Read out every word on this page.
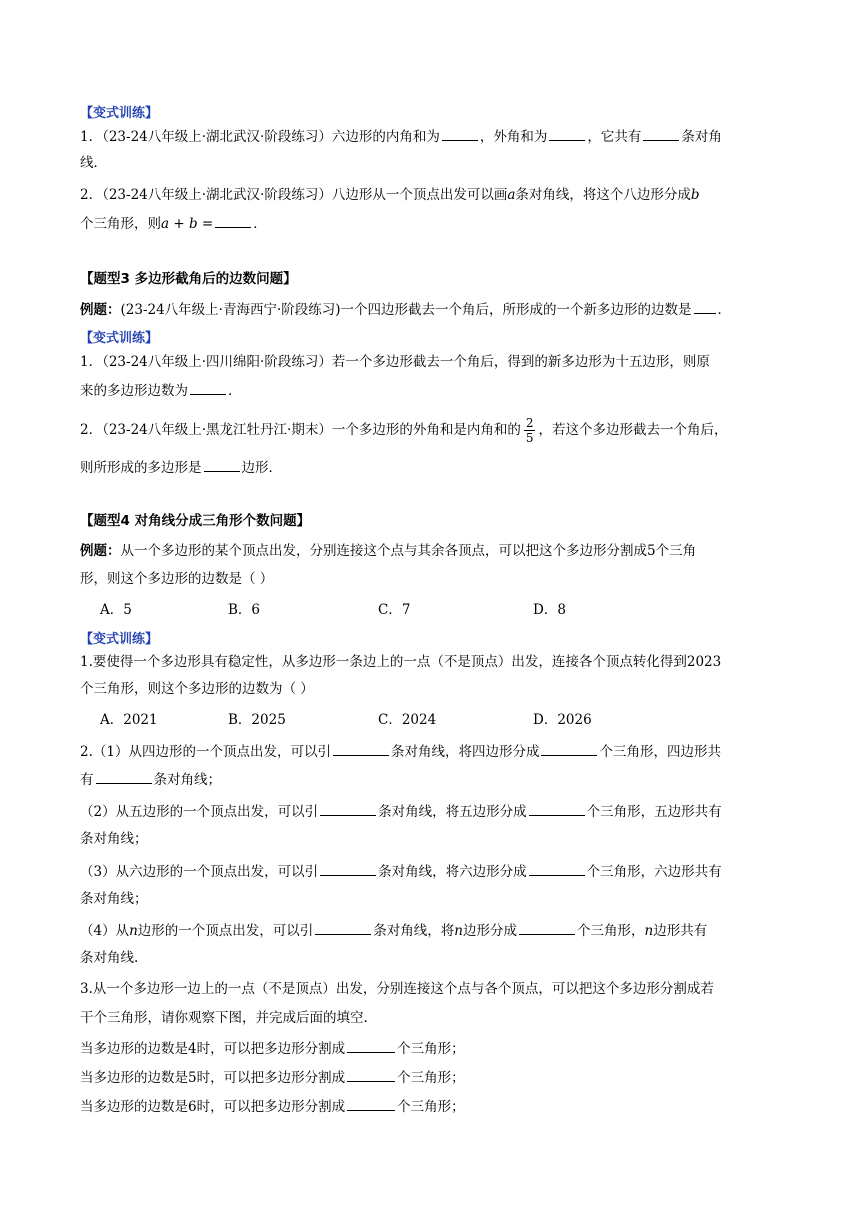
【变式训练】
1．（23-24八年级上·湖北武汉·阶段练习）六边形的内角和为	，外角和为	，它共有	条对角
线．
2．（23-24八年级上·湖北武汉·阶段练习）八边形从一个顶点出发可以画a条对角线，将这个八边形分成b
个三角形，则a + b =	．
【题型3 多边形截角后的边数问题】
例题：(23-24八年级上·青海西宁·阶段练习)一个四边形截去一个角后，所形成的一个新多边形的边数是 ．
【变式训练】
1．（23-24八年级上·四川绵阳·阶段练习）若一个多边形截去一个角后，得到的新多边形为十五边形，则原
来的多边形边数为	．
2．（23-24八年级上·黑龙江牡丹江·期末）一个多边形的外角和是内角和的 $\frac{2}{5}$ ，若这个多边形截去一个角后，
则所形成的多边形是	边形．
【题型4 对角线分成三角形个数问题】
例题：从一个多边形的某个顶点出发，分别连接这个点与其余各顶点，可以把这个多边形分割成5个三角
形，则这个多边形的边数是（ ）
A．5	B．6	C．7	D．8
【变式训练】
1.要使得一个多边形具有稳定性，从多边形一条边上的一点（不是顶点）出发，连接各个顶点转化得到2023
个三角形，则这个多边形的边数为（ ）
A．2021	B．2025	C．2024	D．2026
2.（1）从四边形的一个顶点出发，可以引	条对角线，将四边形分成	个三角形，四边形共
有	条对角线；
（2）从五边形的一个顶点出发，可以引	条对角线，将五边形分成	个三角形，五边形共有
条对角线；
（3）从六边形的一个顶点出发，可以引	条对角线，将六边形分成	个三角形，六边形共有
条对角线；
（4）从n边形的一个顶点出发，可以引	条对角线，将n边形分成	个三角形，n边形共有
条对角线.
3.从一个多边形一边上的一点（不是顶点）出发，分别连接这个点与各个顶点，可以把这个多边形分割成若
干个三角形，请你观察下图，并完成后面的填空.
当多边形的边数是4时，可以把多边形分割成	个三角形；
当多边形的边数是5时，可以把多边形分割成	个三角形；
当多边形的边数是6时，可以把多边形分割成	个三角形；
